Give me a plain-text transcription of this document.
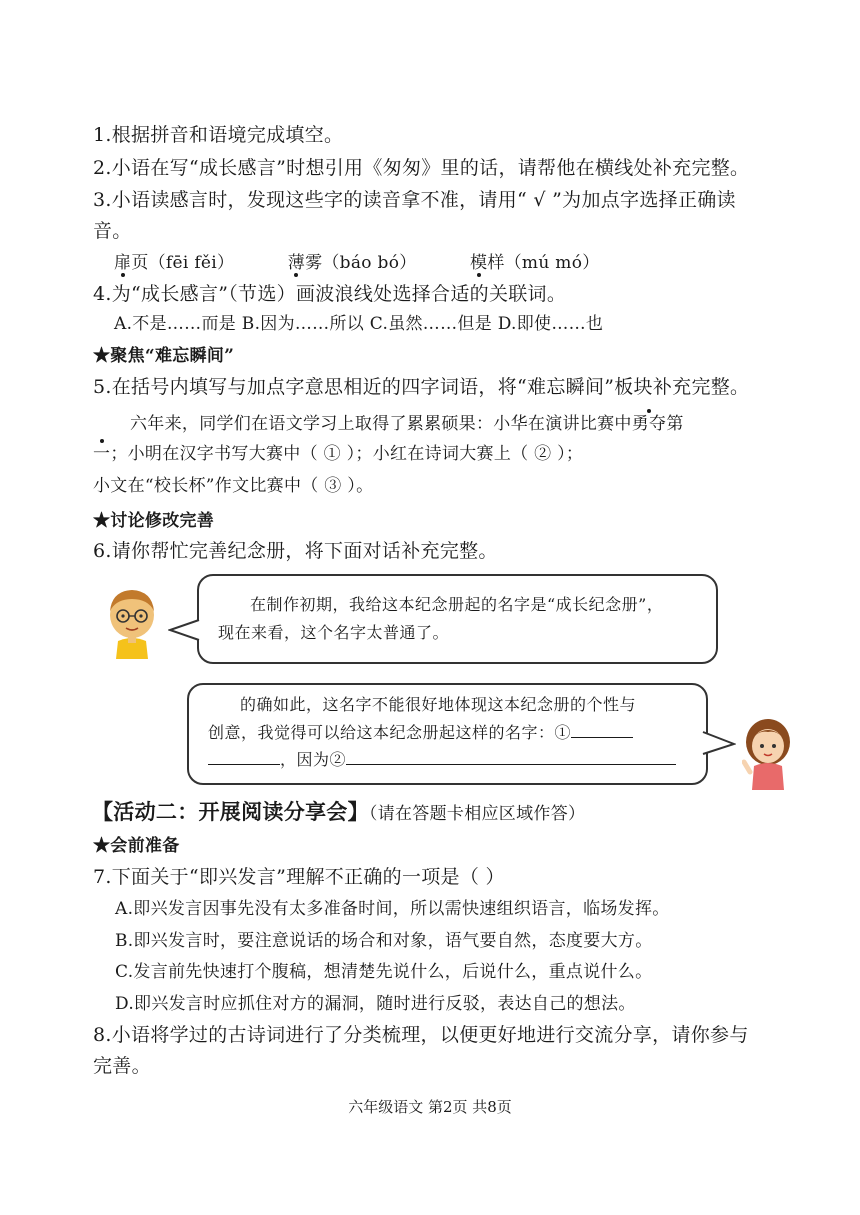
1.根据拼音和语境完成填空。
2.小语在写“成长感言”时想引用《匆匆》里的话，请帮他在横线处补充完整。
3.小语读感言时，发现这些字的读音拿不准，请用“ √ ”为加点字选择正确读
音。
扉页（fēi fěi）	薄雾（báo bó）	模样（mú mó）
4.为“成长感言”（节选）画波浪线处选择合适的关联词。
A.不是……而是 B.因为……所以 C.虽然……但是 D.即使……也
★聚焦“难忘瞬间”
5.在括号内填写与加点字意思相近的四字词语，将“难忘瞬间”板块补充完整。
六年来，同学们在语文学习上取得了累累硕果：小华在演讲比赛中勇夺第
一；小明在汉字书写大赛中（ ① ）；小红在诗词大赛上（ ② ）；
小文在“校长杯”作文比赛中（ ③ ）。
★讨论修改完善
6.请你帮忙完善纪念册，将下面对话补充完整。
在制作初期，我给这本纪念册起的名字是“成长纪念册”，
现在来看，这个名字太普通了。
的确如此，这名字不能很好地体现这本纪念册的个性与
创意，我觉得可以给这本纪念册起这样的名字：①
，因为②
【活动二：开展阅读分享会】（请在答题卡相应区域作答）
★会前准备
7.下面关于“即兴发言”理解不正确的一项是（ ）
A.即兴发言因事先没有太多准备时间，所以需快速组织语言，临场发挥。
B.即兴发言时，要注意说话的场合和对象，语气要自然，态度要大方。
C.发言前先快速打个腹稿，想清楚先说什么，后说什么，重点说什么。
D.即兴发言时应抓住对方的漏洞，随时进行反驳，表达自己的想法。
8.小语将学过的古诗词进行了分类梳理，以便更好地进行交流分享，请你参与
完善。
六年级语文 第2页 共8页
